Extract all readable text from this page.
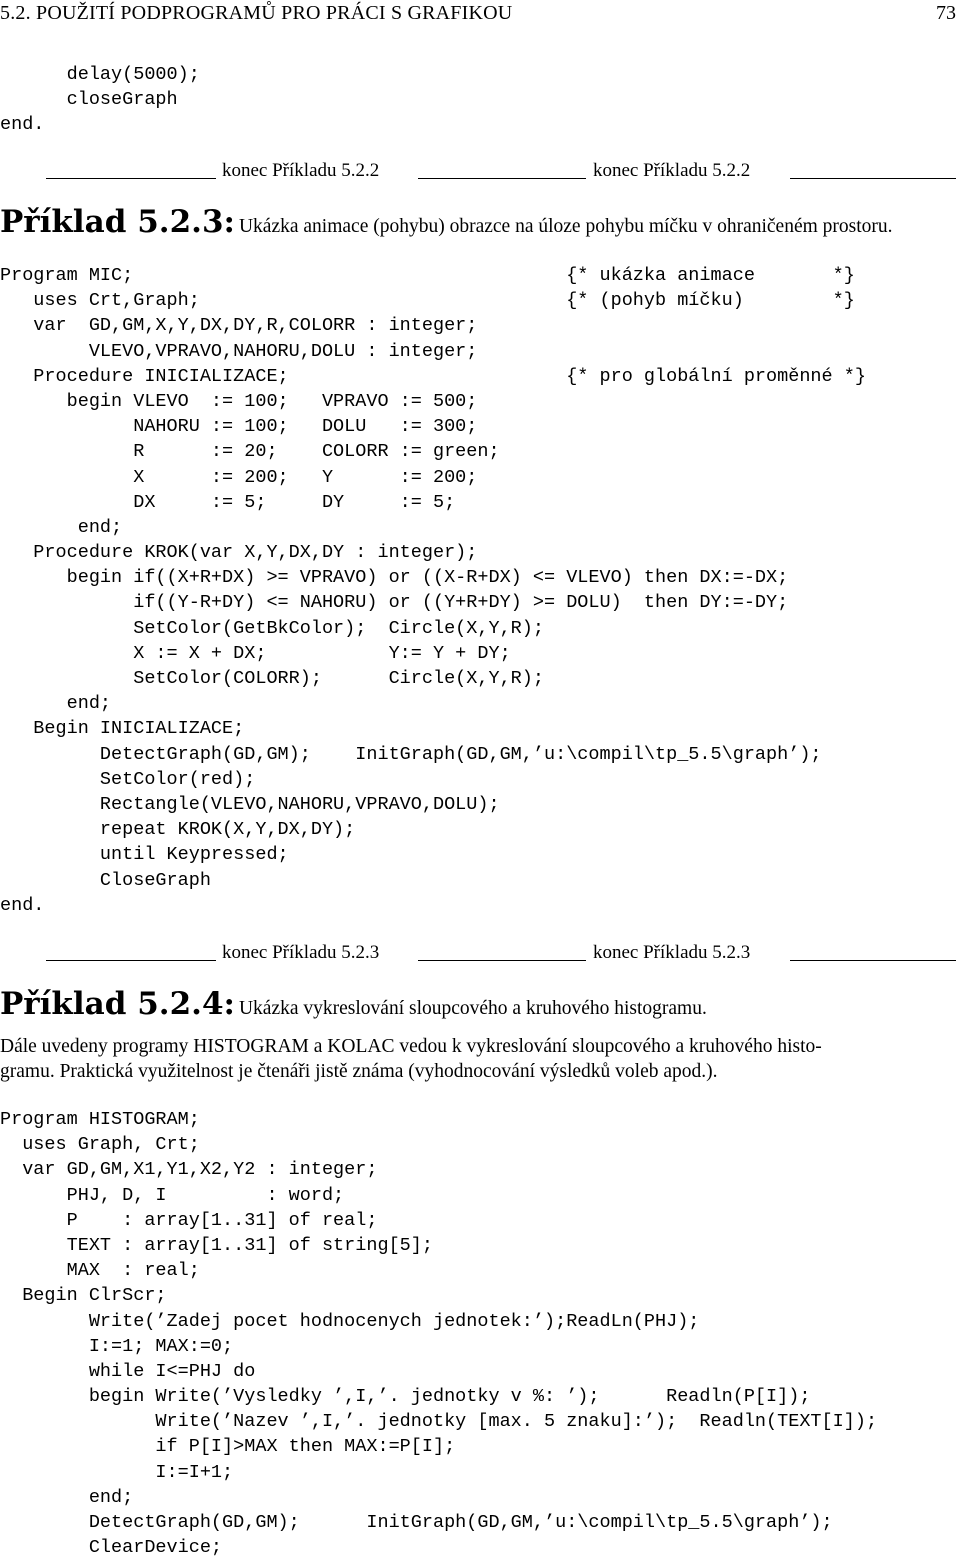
5.2. POUŽITÍ PODPROGRAMŮ PRO PRÁCI S GRAFIKOU	73
delay(5000);
closeGraph
end.
konec Příkladu 5.2.2	konec Příkladu 5.2.2
Příklad 5.2.3: Ukázka animace (pohybu) obrazce na úloze pohybu míčku v ohraničeném prostoru.
Program MIC;                                       {* ukázka animace       *}
uses Crt,Graph;                                 {* (pohyb míčku)        *}
var  GD,GM,X,Y,DX,DY,R,COLORR : integer;
VLEVO,VPRAVO,NAHORU,DOLU : integer;
Procedure INICIALIZACE;                         {* pro globální proměnné *}
begin VLEVO  := 100;   VPRAVO := 500;
NAHORU := 100;   DOLU   := 300;
R      := 20;    COLORR := green;
X      := 200;   Y      := 200;
DX     := 5;     DY     := 5;
end;
Procedure KROK(var X,Y,DX,DY : integer);
begin if((X+R+DX) >= VPRAVO) or ((X-R+DX) <= VLEVO) then DX:=-DX;
if((Y-R+DY) <= NAHORU) or ((Y+R+DY) >= DOLU)  then DY:=-DY;
SetColor(GetBkColor);  Circle(X,Y,R);
X := X + DX;           Y:= Y + DY;
SetColor(COLORR);      Circle(X,Y,R);
end;
Begin INICIALIZACE;
DetectGraph(GD,GM);    InitGraph(GD,GM,’u:\compil\tp_5.5\graph’);
SetColor(red);
Rectangle(VLEVO,NAHORU,VPRAVO,DOLU);
repeat KROK(X,Y,DX,DY);
until Keypressed;
CloseGraph
end.
konec Příkladu 5.2.3	konec Příkladu 5.2.3
Příklad 5.2.4: Ukázka vykreslování sloupcového a kruhového histogramu.
Dále uvedeny programy HISTOGRAM a KOLAC vedou k vykreslování sloupcového a kruhového histo-
gramu. Praktická využitelnost je čtenáři jistě známa (vyhodnocování výsledků voleb apod.).
Program HISTOGRAM;
uses Graph, Crt;
var GD,GM,X1,Y1,X2,Y2 : integer;
PHJ, D, I         : word;
P    : array[1..31] of real;
TEXT : array[1..31] of string[5];
MAX  : real;
Begin ClrScr;
Write(’Zadej pocet hodnocenych jednotek:’);ReadLn(PHJ);
I:=1; MAX:=0;
while I<=PHJ do
begin Write(’Vysledky ’,I,’. jednotky v %: ’);      Readln(P[I]);
Write(’Nazev ’,I,’. jednotky [max. 5 znaku]:’);  Readln(TEXT[I]);
if P[I]>MAX then MAX:=P[I];
I:=I+1;
end;
DetectGraph(GD,GM);      InitGraph(GD,GM,’u:\compil\tp_5.5\graph’);
ClearDevice;
